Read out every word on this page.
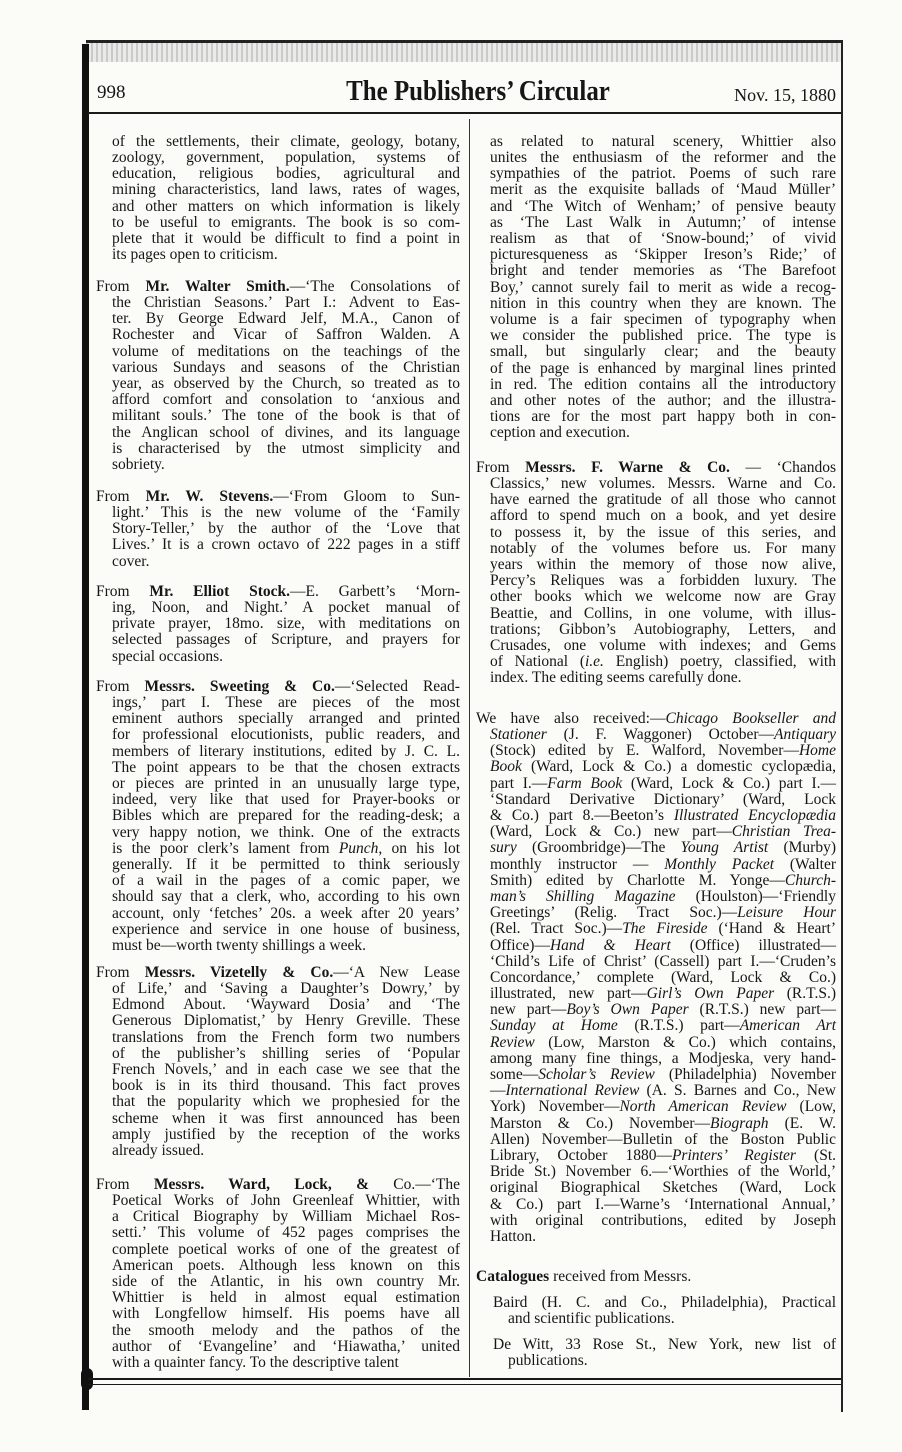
998	The Publishers’ Circular	Nov. 15, 1880
of the settlements, their climate, geology, botany,
zoology, government, population, systems of
education, religious bodies, agricultural and
mining characteristics, land laws, rates of wages,
and other matters on which information is likely
to be useful to emigrants. The book is so com-
plete that it would be difficult to find a point in
its pages open to criticism.
From Mr. Walter Smith.—‘The Consolations of
the Christian Seasons.’ Part I.: Advent to Eas-
ter. By George Edward Jelf, M.A., Canon of
Rochester and Vicar of Saffron Walden. A
volume of meditations on the teachings of the
various Sundays and seasons of the Christian
year, as observed by the Church, so treated as to
afford comfort and consolation to ‘anxious and
militant souls.’ The tone of the book is that of
the Anglican school of divines, and its language
is characterised by the utmost simplicity and
sobriety.
From Mr. W. Stevens.—‘From Gloom to Sun-
light.’ This is the new volume of the ‘Family
Story-Teller,’ by the author of the ‘Love that
Lives.’ It is a crown octavo of 222 pages in a stiff
cover.
From Mr. Elliot Stock.—E. Garbett’s ‘Morn-
ing, Noon, and Night.’ A pocket manual of
private prayer, 18mo. size, with meditations on
selected passages of Scripture, and prayers for
special occasions.
From Messrs. Sweeting & Co.—‘Selected Read-
ings,’ part I. These are pieces of the most
eminent authors specially arranged and printed
for professional elocutionists, public readers, and
members of literary institutions, edited by J. C. L.
The point appears to be that the chosen extracts
or pieces are printed in an unusually large type,
indeed, very like that used for Prayer-books or
Bibles which are prepared for the reading-desk; a
very happy notion, we think. One of the extracts
is the poor clerk’s lament from Punch, on his lot
generally. If it be permitted to think seriously
of a wail in the pages of a comic paper, we
should say that a clerk, who, according to his own
account, only ‘fetches’ 20s. a week after 20 years’
experience and service in one house of business,
must be—worth twenty shillings a week.
From Messrs. Vizetelly & Co.—‘A New Lease
of Life,’ and ‘Saving a Daughter’s Dowry,’ by
Edmond About. ‘Wayward Dosia’ and ‘The
Generous Diplomatist,’ by Henry Greville. These
translations from the French form two numbers
of the publisher’s shilling series of ‘Popular
French Novels,’ and in each case we see that the
book is in its third thousand. This fact proves
that the popularity which we prophesied for the
scheme when it was first announced has been
amply justified by the reception of the works
already issued.
From Messrs. Ward, Lock, & Co.—‘The
Poetical Works of John Greenleaf Whittier, with
a Critical Biography by William Michael Ros-
setti.’ This volume of 452 pages comprises the
complete poetical works of one of the greatest of
American poets. Although less known on this
side of the Atlantic, in his own country Mr.
Whittier is held in almost equal estimation
with Longfellow himself. His poems have all
the smooth melody and the pathos of the
author of ‘Evangeline’ and ‘Hiawatha,’ united
with a quainter fancy. To the descriptive talent
as related to natural scenery, Whittier also
unites the enthusiasm of the reformer and the
sympathies of the patriot. Poems of such rare
merit as the exquisite ballads of ‘Maud Müller’
and ‘The Witch of Wenham;’ of pensive beauty
as ‘The Last Walk in Autumn;’ of intense
realism as that of ‘Snow-bound;’ of vivid
picturesqueness as ‘Skipper Ireson’s Ride;’ of
bright and tender memories as ‘The Barefoot
Boy,’ cannot surely fail to merit as wide a recog-
nition in this country when they are known. The
volume is a fair specimen of typography when
we consider the published price. The type is
small, but singularly clear; and the beauty
of the page is enhanced by marginal lines printed
in red. The edition contains all the introductory
and other notes of the author; and the illustra-
tions are for the most part happy both in con-
ception and execution.
From Messrs. F. Warne & Co. — ‘Chandos
Classics,’ new volumes. Messrs. Warne and Co.
have earned the gratitude of all those who cannot
afford to spend much on a book, and yet desire
to possess it, by the issue of this series, and
notably of the volumes before us. For many
years within the memory of those now alive,
Percy’s Reliques was a forbidden luxury. The
other books which we welcome now are Gray
Beattie, and Collins, in one volume, with illus-
trations; Gibbon’s Autobiography, Letters, and
Crusades, one volume with indexes; and Gems
of National (i.e. English) poetry, classified, with
index. The editing seems carefully done.
We have also received:—Chicago Bookseller and
Stationer (J. F. Waggoner) October—Antiquary
(Stock) edited by E. Walford, November—Home
Book (Ward, Lock & Co.) a domestic cyclopædia,
part I.—Farm Book (Ward, Lock & Co.) part I.—
‘Standard Derivative Dictionary’ (Ward, Lock
& Co.) part 8.—Beeton’s Illustrated Encyclopædia
(Ward, Lock & Co.) new part—Christian Trea-
sury (Groombridge)—The Young Artist (Murby)
monthly instructor — Monthly Packet (Walter
Smith) edited by Charlotte M. Yonge—Church-
man’s Shilling Magazine (Houlston)—‘Friendly
Greetings’ (Relig. Tract Soc.)—Leisure Hour
(Rel. Tract Soc.)—The Fireside (‘Hand & Heart’
Office)—Hand & Heart (Office) illustrated—
‘Child’s Life of Christ’ (Cassell) part I.—‘Cruden’s
Concordance,’ complete (Ward, Lock & Co.)
illustrated, new part—Girl’s Own Paper (R.T.S.)
new part—Boy’s Own Paper (R.T.S.) new part—
Sunday at Home (R.T.S.) part—American Art
Review (Low, Marston & Co.) which contains,
among many fine things, a Modjeska, very hand-
some—Scholar’s Review (Philadelphia) November
—International Review (A. S. Barnes and Co., New
York) November—North American Review (Low,
Marston & Co.) November—Biograph (E. W.
Allen) November—Bulletin of the Boston Public
Library, October 1880—Printers’ Register (St.
Bride St.) November 6.—‘Worthies of the World,’
original Biographical Sketches (Ward, Lock
& Co.) part I.—Warne’s ‘International Annual,’
with original contributions, edited by Joseph
Hatton.
Catalogues received from Messrs.
Baird (H. C. and Co., Philadelphia), Practical
and scientific publications.
De Witt, 33 Rose St., New York, new list of
publications.
